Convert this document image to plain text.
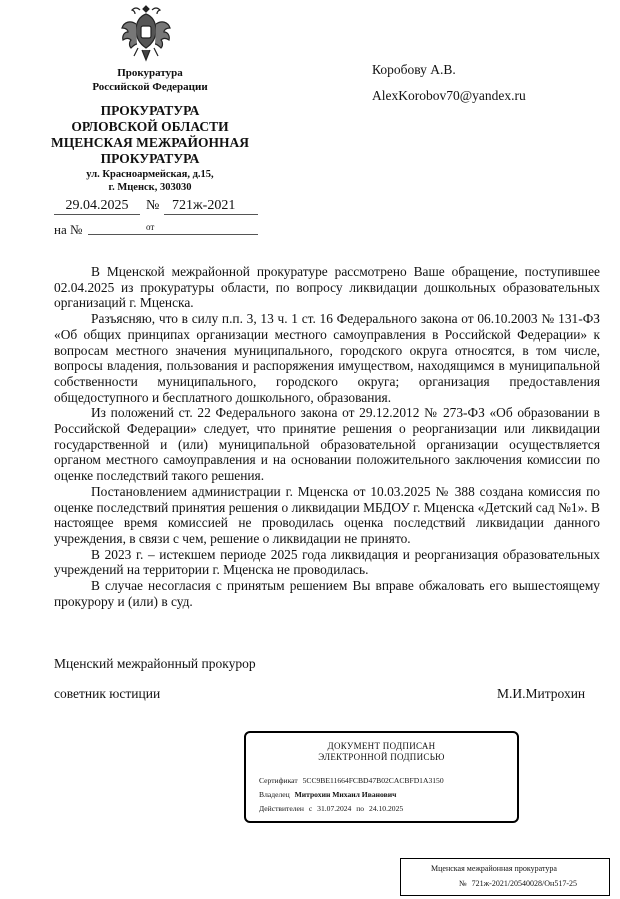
Прокуратура
Российской Федерации
ПРОКУРАТУРА
ОРЛОВСКОЙ ОБЛАСТИ
МЦЕНСКАЯ МЕЖРАЙОННАЯ
ПРОКУРАТУРА
ул. Красноармейская, д.15,
г. Мценск, 303030
29.04.2025	№ 721ж-2021
на №	от
Коробову А.В.
AlexKorobov70@yandex.ru

В Мценской межрайонной прокуратуре рассмотрено Ваше обращение, поступившее 02.04.2025 из прокуратуры области, по вопросу ликвидации дошкольных образовательных организаций г. Мценска.

Разъясняю, что в силу п.п. 3, 13 ч. 1 ст. 16 Федерального закона от 06.10.2003 № 131-ФЗ «Об общих принципах организации местного самоуправления в Российской Федерации» к вопросам местного значения муниципального, городского округа относятся, в том числе, вопросы владения, пользования и распоряжения имуществом, находящимся в муниципальной собственности муниципального, городского округа; организация предоставления общедоступного и бесплатного дошкольного, образования.

Из положений ст. 22 Федерального закона от 29.12.2012 № 273-ФЗ «Об образовании в Российской Федерации» следует, что принятие решения о реорганизации или ликвидации государственной и (или) муниципальной образовательной организации осуществляется органом местного самоуправления и на основании положительного заключения комиссии по оценке последствий такого решения.

Постановлением администрации г. Мценска от 10.03.2025 № 388 создана комиссия по оценке последствий принятия решения о ликвидации МБДОУ г. Мценска «Детский сад №1». В настоящее время комиссией не проводилась оценка последствий ликвидации данного учреждения, в связи с чем, решение о ликвидации не принято.

В 2023 г. – истекшем периоде 2025 года ликвидация и реорганизация образовательных учреждений на территории г. Мценска не проводилась.

В случае несогласия с принятым решением Вы вправе обжаловать его вышестоящему прокурору и (или) в суд.

Мценский межрайонный прокурор
советник юстиции	М.И.Митрохин
ДОКУМЕНТ ПОДПИСАН
ЭЛЕКТРОННОЙ ПОДПИСЬЮ
Сертификат 5CC9BE11664FCBD47B02CACBFD1A3150
Владелец Митрохин Михаил Иванович
Действителен с 31.07.2024 по 24.10.2025
Мценская межрайонная прокуратура
№ 721ж-2021/20540028/Он517-25
